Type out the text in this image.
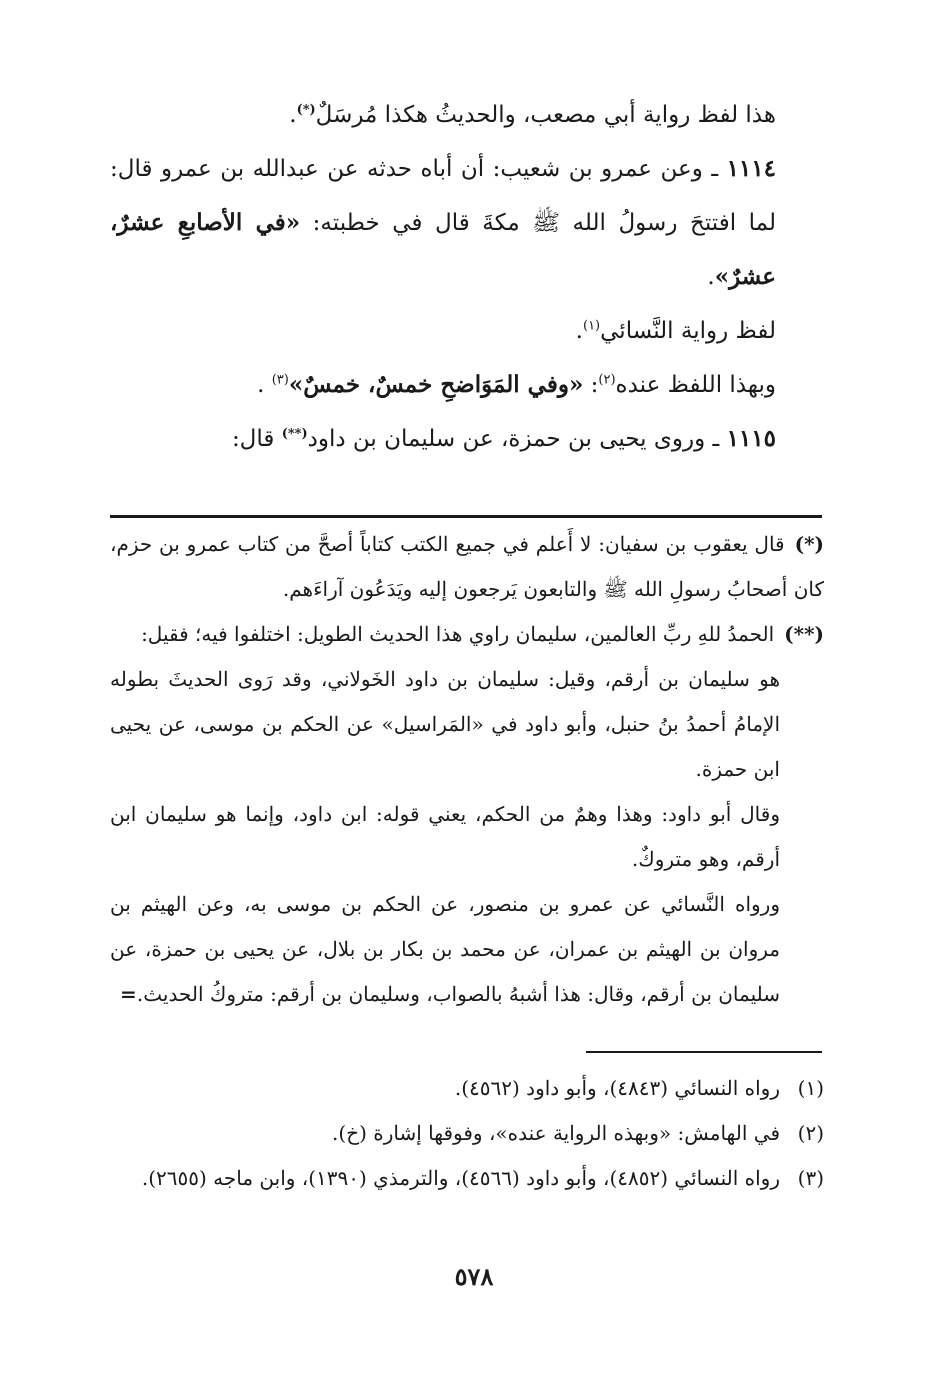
هذا لفظ رواية أبي مصعب، والحديثُ هكذا مُرسَلٌ(*).

١١١٤ ـ وعن عمرو بن شعيب: أن أباه حدثه عن عبدالله بن عمرو قال: لما افتتحَ رسولُ الله ﷺ مكةَ قال في خطبته: «في الأصابعِ عشرٌ، عشرٌ».

لفظ رواية النَّسائي$^{(١)}$.

وبهذا اللفظ عنده$^{(٢)}$: «وفي المَوَاضحِ خمسٌ، خمسٌ»$^{(٣)}$ .

١١١٥ ـ وروى يحيى بن حمزة، عن سليمان بن داود(**) قال:

(*)قال يعقوب بن سفيان: لا أَعلم في جميع الكتب كتاباً أصحَّ من كتاب عمرو بن حزم، كان أصحابُ رسولِ الله ﷺ والتابعون يَرجعون إليه ويَدَعُون آراءَهم.

(**)الحمدُ للهِ ربِّ العالمين، سليمان راوي هذا الحديث الطويل: اختلفوا فيه؛ فقيل:

هو سليمان بن أرقم، وقيل: سليمان بن داود الخَولاني، وقد رَوى الحديثَ بطوله الإمامُ أحمدُ بنُ حنبل، وأبو داود في «المَراسيل» عن الحكم بن موسى، عن يحيى ابن حمزة.

وقال أبو داود: وهذا وهمٌ من الحكم، يعني قوله: ابن داود، وإنما هو سليمان ابن أرقم، وهو متروكٌ.

ورواه النَّسائي عن عمرو بن منصور، عن الحكم بن موسى به، وعن الهيثم بن مروان بن الهيثم بن عمران، عن محمد بن بكار بن بلال، عن يحيى بن حمزة، عن سليمان بن أرقم، وقال: هذا أشبهُ بالصواب، وسليمان بن أرقم: متروكُ الحديث.
=

(١)
رواه النسائي (٤٨٤٣)، وأبو داود (٤٥٦٢).

(٢)
في الهامش: «وبهذه الرواية عنده»، وفوقها إشارة (خ).

(٣)
رواه النسائي (٤٨٥٢)، وأبو داود (٤٥٦٦)، والترمذي (١٣٩٠)، وابن ماجه (٢٦٥٥).

٥٧٨
